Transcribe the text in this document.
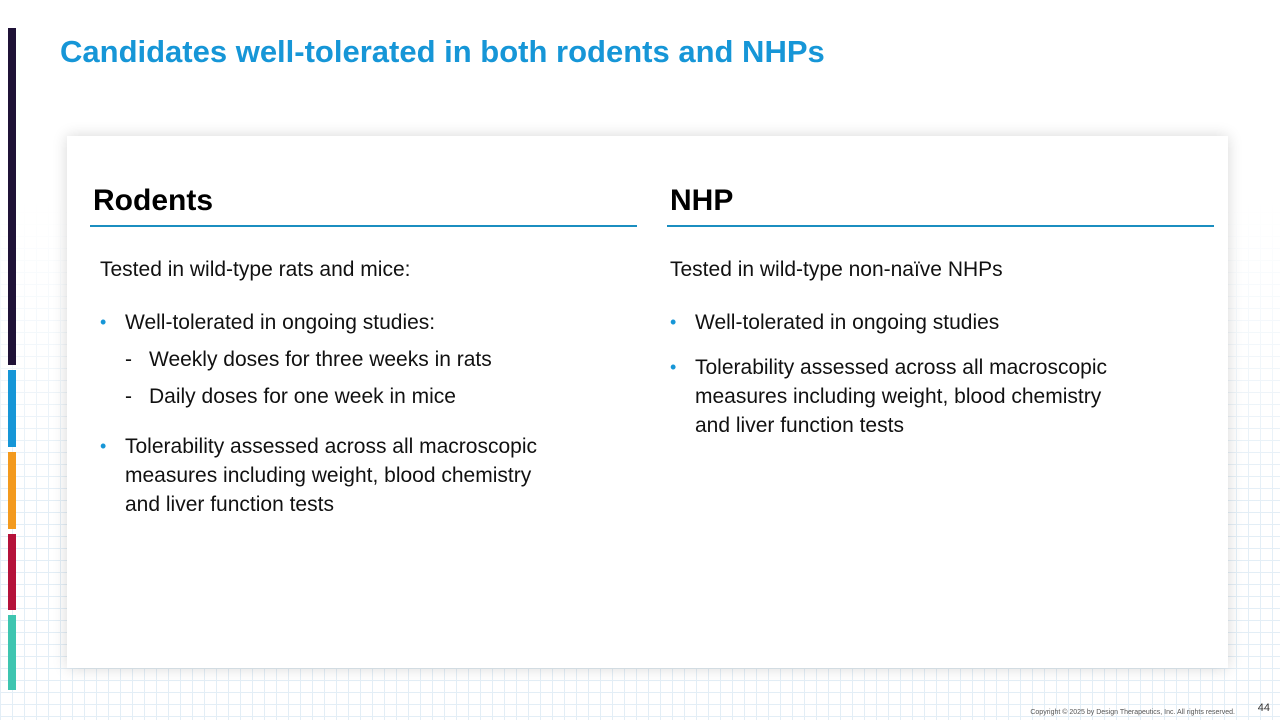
Candidates well-tolerated in both rodents and NHPs
Rodents

Tested in wild-type rats and mice:

• Well-tolerated in ongoing studies:
- Weekly doses for three weeks in rats
- Daily doses for one week in mice
• Tolerability assessed across all macroscopic measures including weight, blood chemistry and liver function tests
NHP

Tested in wild-type non-naïve NHPs

• Well-tolerated in ongoing studies
• Tolerability assessed across all macroscopic measures including weight, blood chemistry and liver function tests
Copyright © 2025 by Design Therapeutics, Inc. All rights reserved. 44
